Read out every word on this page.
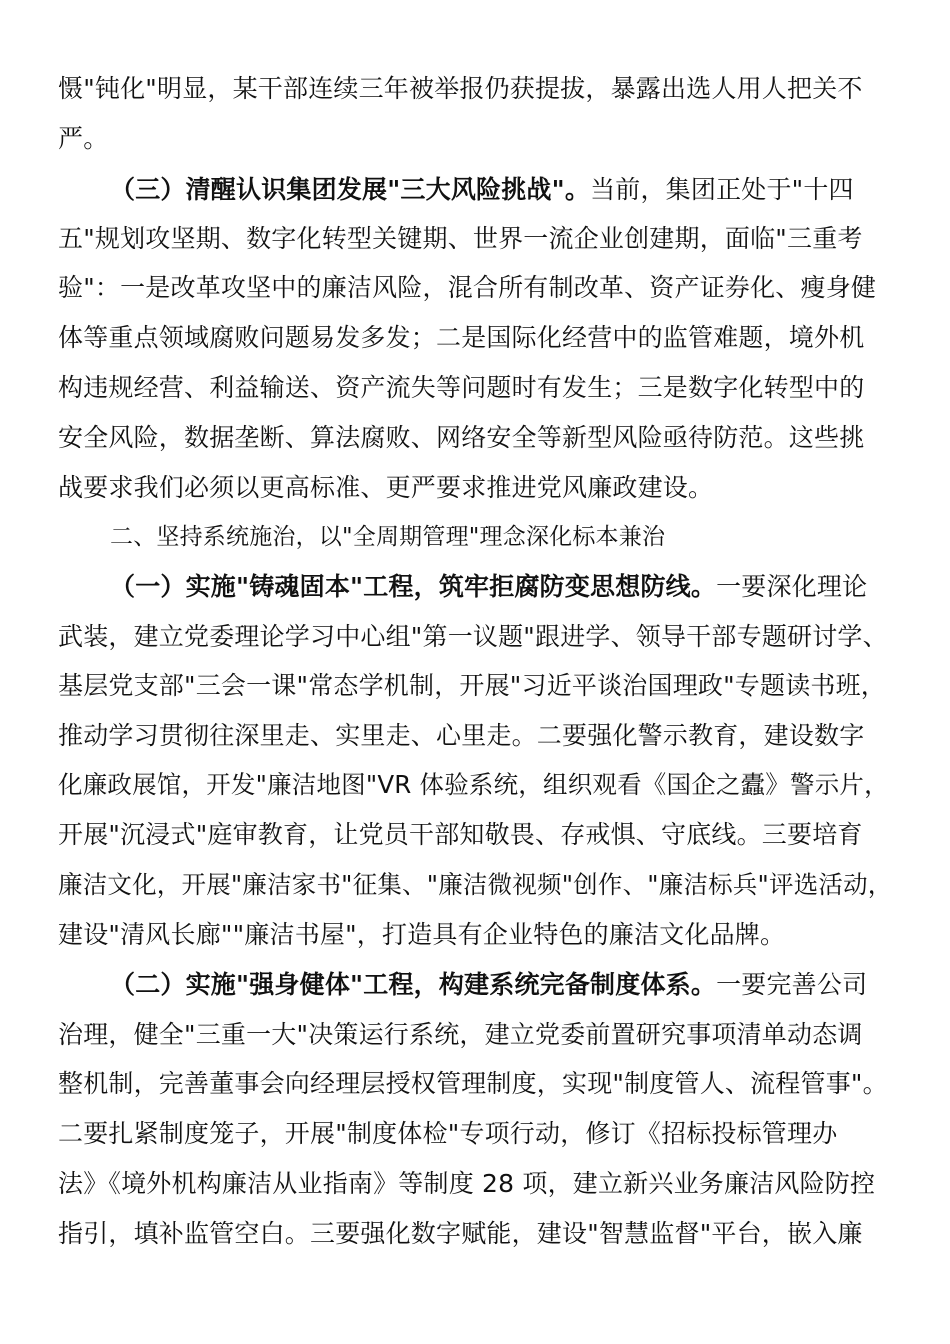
慑"钝化"明显，某干部连续三年被举报仍获提拔，暴露出选人用人把关不
严。
（三）清醒认识集团发展"三大风险挑战"。当前，集团正处于"十四
五"规划攻坚期、数字化转型关键期、世界一流企业创建期，面临"三重考
验"：一是改革攻坚中的廉洁风险，混合所有制改革、资产证券化、瘦身健
体等重点领域腐败问题易发多发；二是国际化经营中的监管难题，境外机
构违规经营、利益输送、资产流失等问题时有发生；三是数字化转型中的
安全风险，数据垄断、算法腐败、网络安全等新型风险亟待防范。这些挑
战要求我们必须以更高标准、更严要求推进党风廉政建设。
二、坚持系统施治，以"全周期管理"理念深化标本兼治
（一）实施"铸魂固本"工程，筑牢拒腐防变思想防线。一要深化理论
武装，建立党委理论学习中心组"第一议题"跟进学、领导干部专题研讨学、
基层党支部"三会一课"常态学机制，开展"习近平谈治国理政"专题读书班，
推动学习贯彻往深里走、实里走、心里走。二要强化警示教育，建设数字
化廉政展馆，开发"廉洁地图"VR 体验系统，组织观看《国企之蠹》警示片，
开展"沉浸式"庭审教育，让党员干部知敬畏、存戒惧、守底线。三要培育
廉洁文化，开展"廉洁家书"征集、"廉洁微视频"创作、"廉洁标兵"评选活动，
建设"清风长廊""廉洁书屋"，打造具有企业特色的廉洁文化品牌。
（二）实施"强身健体"工程，构建系统完备制度体系。一要完善公司
治理，健全"三重一大"决策运行系统，建立党委前置研究事项清单动态调
整机制，完善董事会向经理层授权管理制度，实现"制度管人、流程管事"。
二要扎紧制度笼子，开展"制度体检"专项行动，修订《招标投标管理办
法》《境外机构廉洁从业指南》等制度 28 项，建立新兴业务廉洁风险防控
指引，填补监管空白。三要强化数字赋能，建设"智慧监督"平台，嵌入廉
